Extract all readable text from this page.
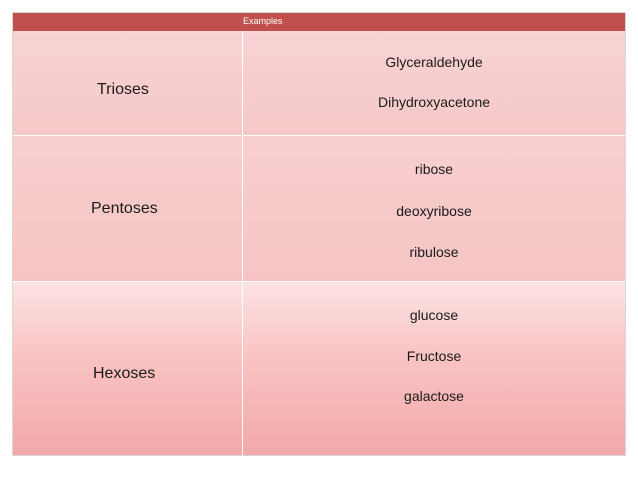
Examples
Trioses
Glyceraldehyde
Dihydroxyacetone
Pentoses
ribose
deoxyribose
ribulose
Hexoses
glucose
Fructose
galactose
